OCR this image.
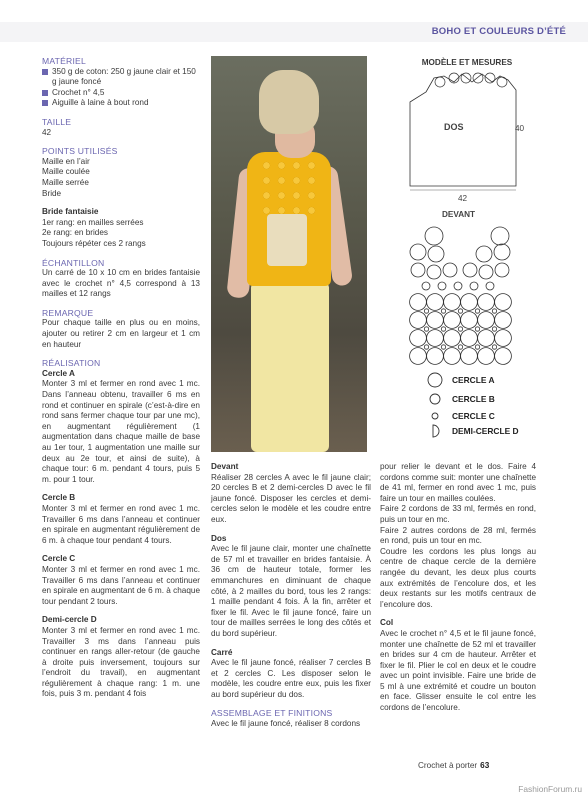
BOHO ET COULEURS D’ÉTÉ

MATÉRIEL

350 g de coton: 250 g jaune clair et 150 g jaune foncé
Crochet n° 4,5
Aiguille à laine à bout rond

TAILLE

42

POINTS UTILISÉS

Maille en l’air

Maille coulée

Maille serrée

Bride

Bride fantaisie

1er rang: en mailles serrées

2e rang: en brides

Toujours répéter ces 2 rangs

ÉCHANTILLON

Un carré de 10 x 10 cm en brides fantaisie avec le crochet n° 4,5 correspond à 13 mailles et 12 rangs

REMARQUE

Pour chaque taille en plus ou en moins, ajouter ou retirer 2 cm en largeur et 1 cm en hauteur

RÉALISATION

Cercle A

Monter 3 ml et fermer en rond avec 1 mc. Dans l’anneau obtenu, travailler 6 ms en rond et continuer en spirale (c’est-à-dire en rond sans fermer chaque tour par une mc), en augmentant régulièrement (1 augmentation dans chaque maille de base au 1er tour, 1 augmentation une maille sur deux au 2e tour, et ainsi de suite), à chaque tour: 6 m. pendant 4 tours, puis 5 m. pour 1 tour.

Cercle B

Monter 3 ml et fermer en rond avec 1 mc. Travailler 6 ms dans l’anneau et continuer en spirale en augmentant régulièrement de 6 m. à chaque tour pendant 4 tours.

Cercle C

Monter 3 ml et fermer en rond avec 1 mc. Travailler 6 ms dans l’anneau et continuer en spirale en augmentant de 6 m. à chaque tour pendant 2 tours.

Demi-cercle D

Monter 3 ml et fermer en rond avec 1 mc. Travailler 3 ms dans l’anneau puis continuer en rangs aller-retour (de gauche à droite puis inversement, toujours sur l’endroit du travail), en augmentant régulièrement à chaque rang: 1 m. une fois, puis 3 m. pendant 4 fois

Devant

Réaliser 28 cercles A avec le fil jaune clair; 20 cercles B et 2 demi-cercles D avec le fil jaune foncé. Disposer les cercles et demi-cercles selon le modèle et les coudre entre eux.

Dos

Avec le fil jaune clair, monter une chaînette de 57 ml et travailler en brides fantaisie. À 36 cm de hauteur totale, former les emmanchures en diminuant de chaque côté, à 2 mailles du bord, tous les 2 rangs: 1 maille pendant 4 fois. À la fin, arrêter et fixer le fil. Avec le fil jaune foncé, faire un tour de mailles serrées le long des côtés et du bord supérieur.

Carré

Avec le fil jaune foncé, réaliser 7 cercles B et 2 cercles C. Les disposer selon le modèle, les coudre entre eux, puis les fixer au bord supérieur du dos.

ASSEMBLAGE ET FINITIONS

Avec le fil jaune foncé, réaliser 8 cordons

pour relier le devant et le dos. Faire 4 cordons comme suit: monter une chaînette de 41 ml, fermer en rond avec 1 mc, puis faire un tour en mailles coulées.

Faire 2 cordons de 33 ml, fermés en rond, puis un tour en mc.

Faire 2 autres cordons de 28 ml, fermés en rond, puis un tour en mc.

Coudre les cordons les plus longs au centre de chaque cercle de la dernière rangée du devant, les deux plus courts aux extrémités de l’encolure dos, et les deux restants sur les motifs centraux de l’encolure dos.

Col

Avec le crochet n° 4,5 et le fil jaune foncé, monter une chaînette de 52 ml et travailler en brides sur 4 cm de hauteur. Arrêter et fixer le fil. Plier le col en deux et le coudre avec un point invisible. Faire une bride de 5 ml à une extrémité et coudre un bouton en face. Glisser ensuite le col entre les cordons de l’encolure.

MODÈLE ET MESURES
DOS	40
42
DEVANT
CERCLE A
CERCLE B
CERCLE C
DEMI-CERCLE D
Crochet à porter 63
FashionForum.ru
